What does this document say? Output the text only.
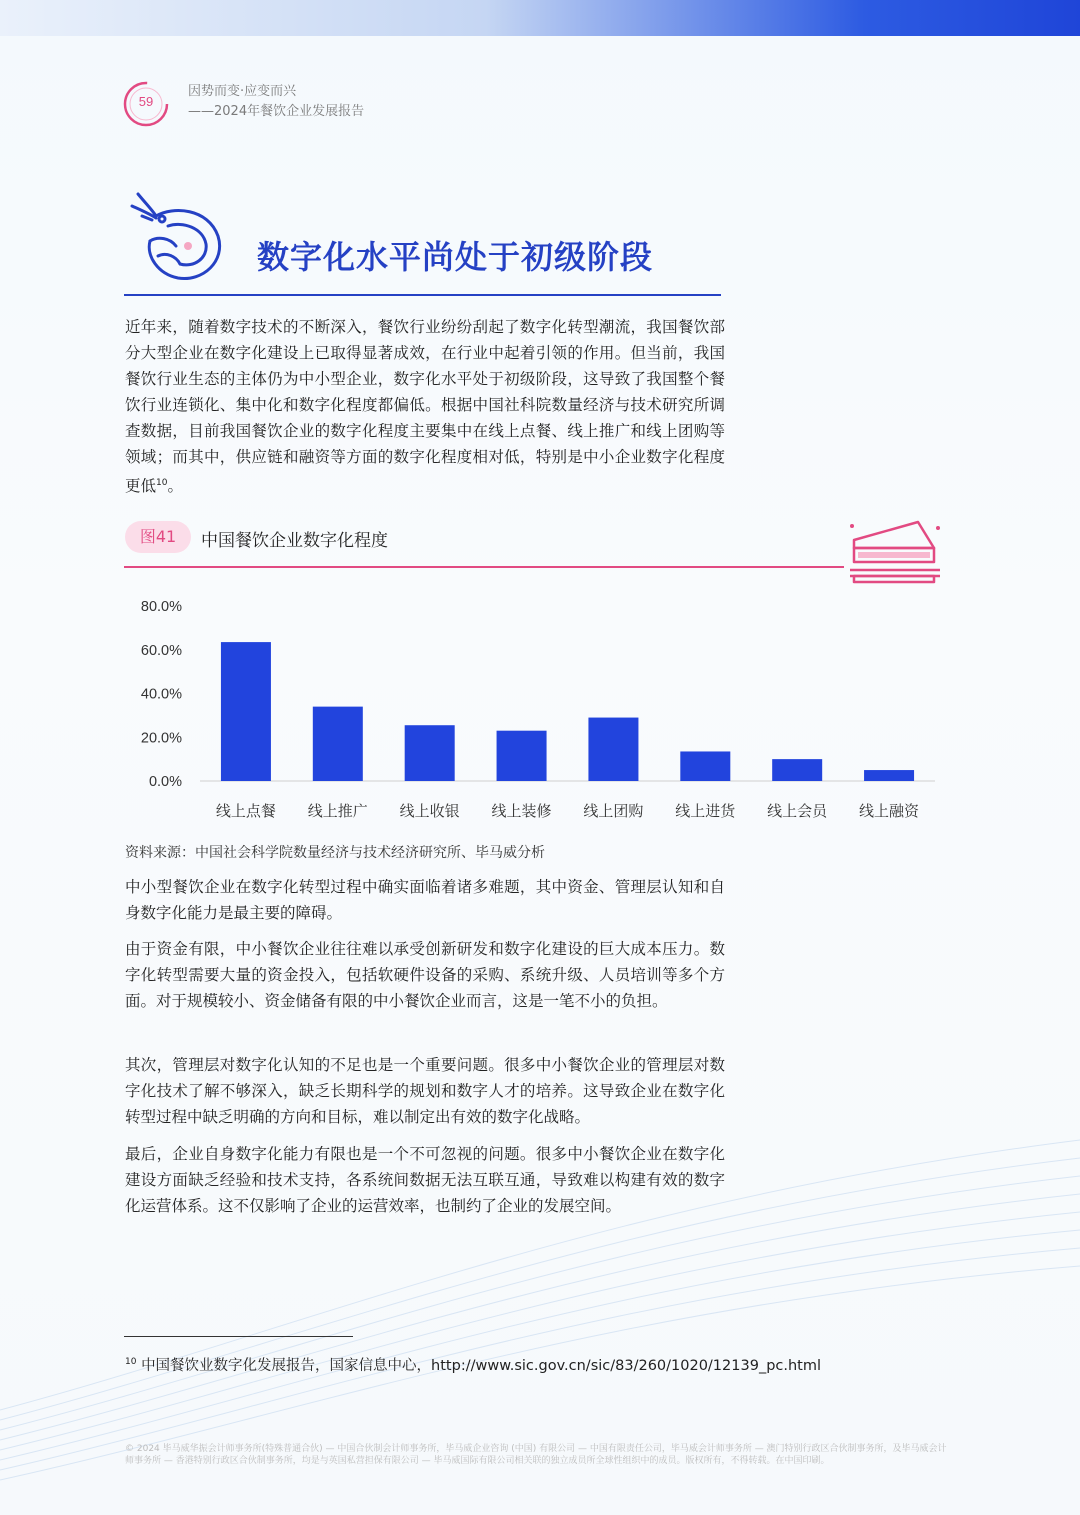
59
因势而变·应变而兴
——2024年餐饮企业发展报告
数字化水平尚处于初级阶段

近年来，随着数字技术的不断深入，餐饮行业纷纷刮起了数字化转型潮流，我国餐饮部分大型企业在数字化建设上已取得显著成效，在行业中起着引领的作用。但当前，我国餐饮行业生态的主体仍为中小型企业，数字化水平处于初级阶段，这导致了我国整个餐饮行业连锁化、集中化和数字化程度都偏低。根据中国社科院数量经济与技术研究所调查数据，目前我国餐饮企业的数字化程度主要集中在线上点餐、线上推广和线上团购等领域；而其中，供应链和融资等方面的数字化程度相对低，特别是中小企业数字化程度更低$^{10}$。

图41	中国餐饮企业数字化程度
0.0%
20.0%
40.0%
60.0%
80.0%
线上点餐 线上推广 线上收银 线上装修 线上团购 线上进货 线上会员 线上融资
资料来源：中国社会科学院数量经济与技术经济研究所、毕马威分析

中小型餐饮企业在数字化转型过程中确实面临着诸多难题，其中资金、管理层认知和自身数字化能力是最主要的障碍。

由于资金有限，中小餐饮企业往往难以承受创新研发和数字化建设的巨大成本压力。数字化转型需要大量的资金投入，包括软硬件设备的采购、系统升级、人员培训等多个方面。对于规模较小、资金储备有限的中小餐饮企业而言，这是一笔不小的负担。

其次，管理层对数字化认知的不足也是一个重要问题。很多中小餐饮企业的管理层对数字化技术了解不够深入，缺乏长期科学的规划和数字人才的培养。这导致企业在数字化转型过程中缺乏明确的方向和目标，难以制定出有效的数字化战略。

最后，企业自身数字化能力有限也是一个不可忽视的问题。很多中小餐饮企业在数字化建设方面缺乏经验和技术支持，各系统间数据无法互联互通，导致难以构建有效的数字化运营体系。这不仅影响了企业的运营效率，也制约了企业的发展空间。

$^{10}$ 中国餐饮业数字化发展报告，国家信息中心，http://www.sic.gov.cn/sic/83/260/1020/12139_pc.html
© 2024 毕马威华振会计师事务所(特殊普通合伙) — 中国合伙制会计师事务所，毕马威企业咨询 (中国) 有限公司 — 中国有限责任公司，毕马威会计师事务所 — 澳门特别行政区合伙制事务所，及毕马威会计师事务所 — 香港特别行政区合伙制事务所，均是与英国私营担保有限公司 — 毕马威国际有限公司相关联的独立成员所全球性组织中的成员。版权所有，不得转载。在中国印刷。
